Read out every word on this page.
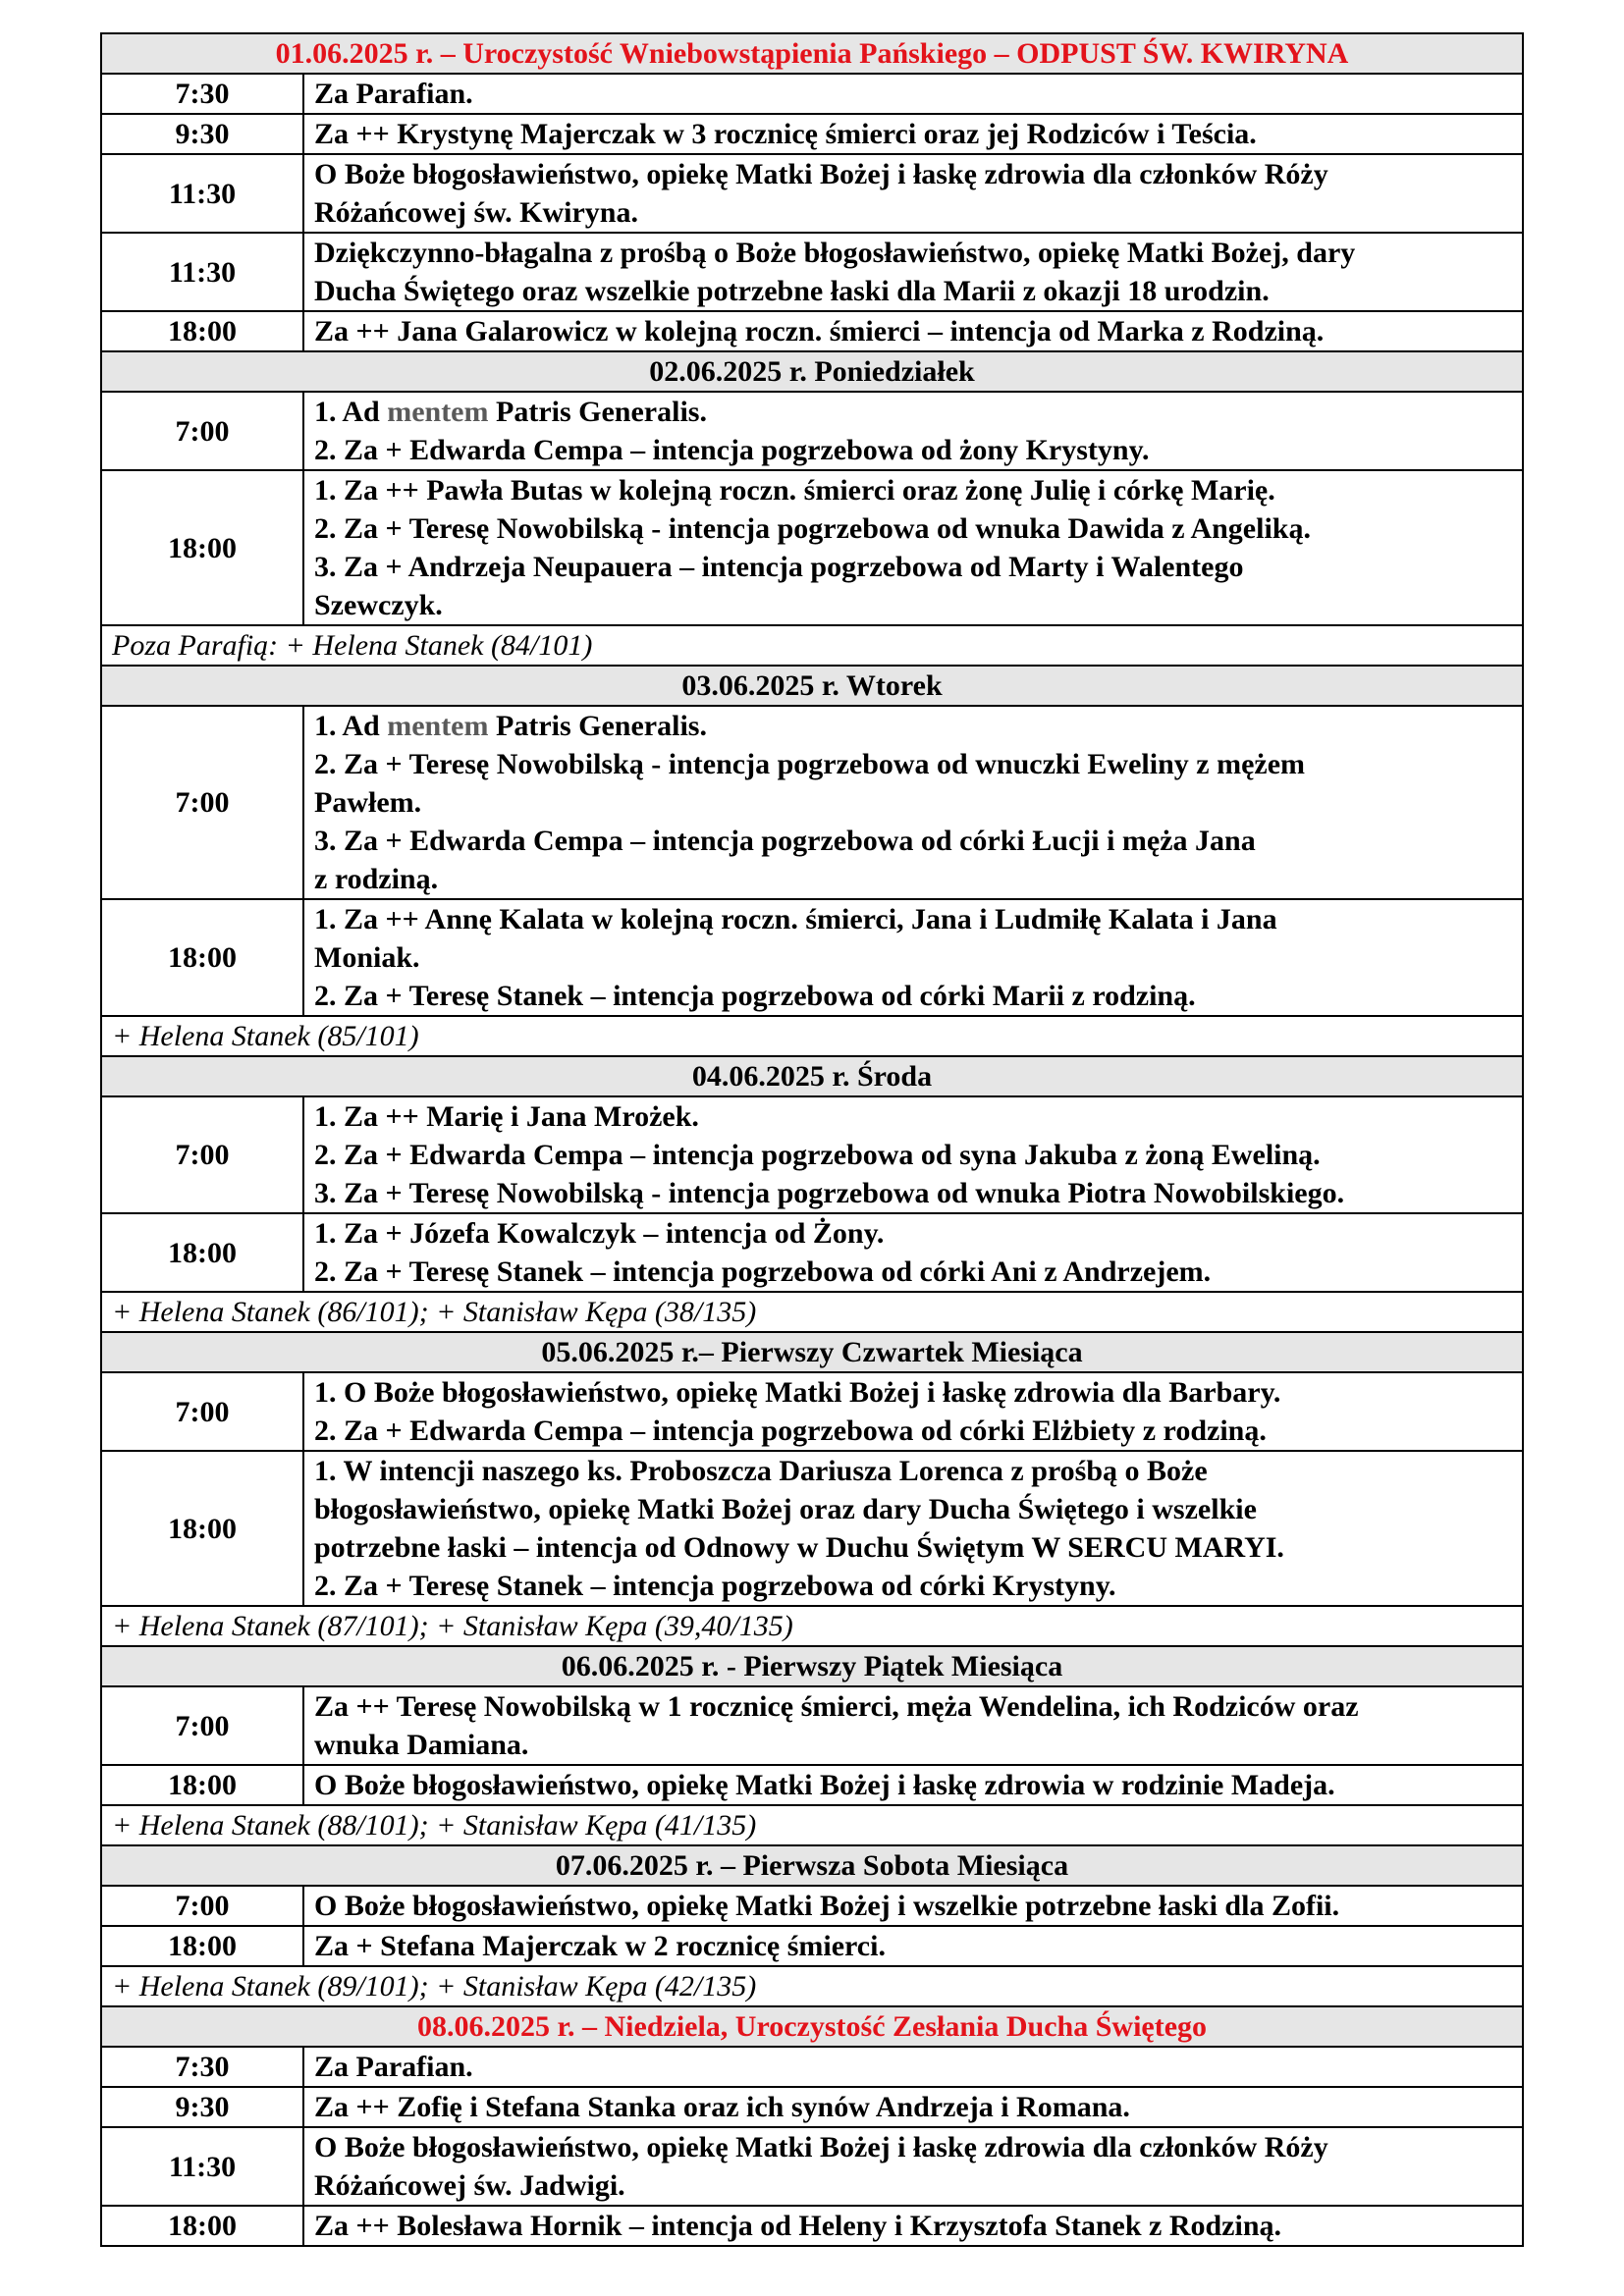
01.06.2025 r. – Uroczystość Wniebowstąpienia Pańskiego – ODPUST ŚW. KWIRYNA	
7:30	Za Parafian.

9:30	Za ++ Krystynę Majerczak w 3 rocznicę śmierci oraz jej Rodziców i Teścia.

11:30	O Boże błogosławieństwo, opiekę Matki Bożej i łaskę zdrowia dla członków Róży
Różańcowej św. Kwiryna.

11:30	Dziękczynno-błagalna z prośbą o Boże błogosławieństwo, opiekę Matki Bożej, dary
Ducha Świętego oraz wszelkie potrzebne łaski dla Marii z okazji 18 urodzin.

18:00	Za ++ Jana Galarowicz w kolejną roczn. śmierci – intencja od Marka z Rodziną.

02.06.2025 r. Poniedziałek	
7:00	1. Ad mentem Patris Generalis.
2. Za + Edwarda Cempa – intencja pogrzebowa od żony Krystyny.

18:00	1. Za ++ Pawła Butas w kolejną roczn. śmierci oraz żonę Julię i córkę Marię.
2. Za + Teresę Nowobilską - intencja pogrzebowa od wnuka Dawida z Angeliką.
3. Za + Andrzeja Neupauera – intencja pogrzebowa od Marty i Walentego
Szewczyk.

Poza Parafią: + Helena Stanek (84/101)	
03.06.2025 r. Wtorek	
7:00	1. Ad mentem Patris Generalis.
2. Za + Teresę Nowobilską - intencja pogrzebowa od wnuczki Eweliny z mężem
Pawłem.
3. Za + Edwarda Cempa – intencja pogrzebowa od córki Łucji i męża Jana
z rodziną.

18:00	1. Za ++ Annę Kalata w kolejną roczn. śmierci, Jana i Ludmiłę Kalata i Jana
Moniak.
2. Za + Teresę Stanek – intencja pogrzebowa od córki Marii z rodziną.

+ Helena Stanek (85/101)	
04.06.2025 r. Środa	
7:00	1. Za ++ Marię i Jana Mrożek.
2. Za + Edwarda Cempa – intencja pogrzebowa od syna Jakuba z żoną Eweliną.
3. Za + Teresę Nowobilską - intencja pogrzebowa od wnuka Piotra Nowobilskiego.

18:00	1. Za + Józefa Kowalczyk – intencja od Żony.
2. Za + Teresę Stanek – intencja pogrzebowa od córki Ani z Andrzejem.

+ Helena Stanek (86/101); + Stanisław Kępa (38/135)	
05.06.2025 r.– Pierwszy Czwartek Miesiąca	
7:00	1. O Boże błogosławieństwo, opiekę Matki Bożej i łaskę zdrowia dla Barbary.
2. Za + Edwarda Cempa – intencja pogrzebowa od córki Elżbiety z rodziną.

18:00	1. W intencji naszego ks. Proboszcza Dariusza Lorenca z prośbą o Boże
błogosławieństwo, opiekę Matki Bożej oraz dary Ducha Świętego i wszelkie
potrzebne łaski – intencja od Odnowy w Duchu Świętym W SERCU MARYI.
2. Za + Teresę Stanek – intencja pogrzebowa od córki Krystyny.

+ Helena Stanek (87/101); + Stanisław Kępa (39,40/135)	
06.06.2025 r. - Pierwszy Piątek Miesiąca	
7:00	Za ++ Teresę Nowobilską w 1 rocznicę śmierci, męża Wendelina, ich Rodziców oraz
wnuka Damiana.

18:00	O Boże błogosławieństwo, opiekę Matki Bożej i łaskę zdrowia w rodzinie Madeja.

+ Helena Stanek (88/101); + Stanisław Kępa (41/135)	
07.06.2025 r. – Pierwsza Sobota Miesiąca	
7:00	O Boże błogosławieństwo, opiekę Matki Bożej i wszelkie potrzebne łaski dla Zofii.

18:00	Za + Stefana Majerczak w 2 rocznicę śmierci.

+ Helena Stanek (89/101); + Stanisław Kępa (42/135)	
08.06.2025 r. – Niedziela, Uroczystość Zesłania Ducha Świętego	
7:30	Za Parafian.

9:30	Za ++ Zofię i Stefana Stanka oraz ich synów Andrzeja i Romana.

11:30	O Boże błogosławieństwo, opiekę Matki Bożej i łaskę zdrowia dla członków Róży
Różańcowej św. Jadwigi.

18:00	Za ++ Bolesława Hornik – intencja od Heleny i Krzysztofa Stanek z Rodziną.
